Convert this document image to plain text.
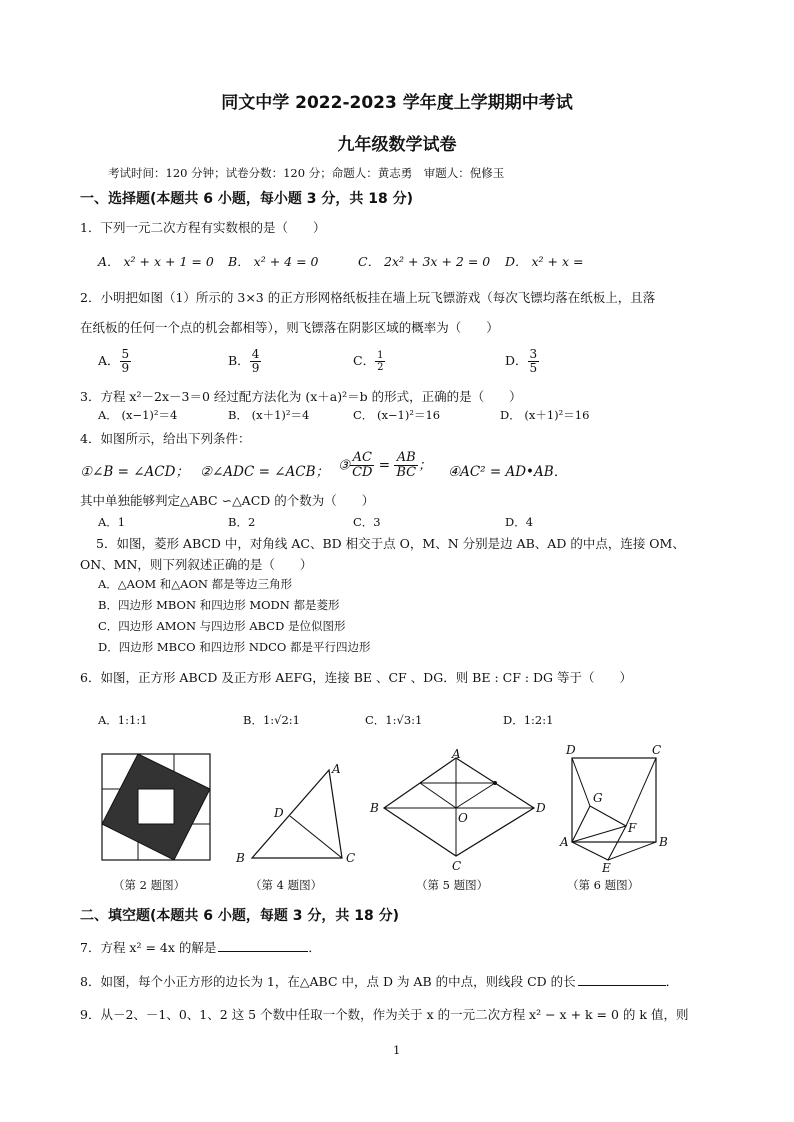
同文中学 2022-2023 学年度上学期期中考试
九年级数学试卷
考试时间：120 分钟；试卷分数：120 分；命题人：黄志勇　审题人：倪修玉
一、选择题(本题共 6 小题，每小题 3 分，共 18 分)
1．下列一元二次方程有实数根的是（　　）
A． x² + x + 1 = 0 B． x² + 4 = 0	C． 2x² + 3x + 2 = 0 D． x² + x =
2．小明把如图（1）所示的 3×3 的正方形网格纸板挂在墙上玩飞镖游戏（每次飞镖均落在纸板上，且落
在纸板的任何一个点的机会都相等），则飞镖落在阴影区域的概率为（　　）
A． $\frac{5}{9}$	B． $\frac{4}{9}$	C． $\frac{1}{2}$	D． $\frac{3}{5}$
3．方程 x²－2x－3＝0 经过配方法化为 (x＋a)²＝b 的形式，正确的是（　　）
A． (x−1)²＝4	B． (x＋1)²＝4	C． (x−1)²＝16	D． (x＋1)²＝16
4．如图所示，给出下列条件：
①∠B = ∠ACD； ②∠ADC = ∠ACB； ③ $\frac{AC}{CD} = \frac{AB}{BC}$ ； ④AC² = AD•AB．
其中单独能够判定△ABC ∽△ACD 的个数为（　　）
A．1	B．2	C．3	D．4
5．如图，菱形 ABCD 中，对角线 AC、BD 相交于点 O，M、N 分别是边 AB、AD 的中点，连接 OM、
ON、MN，则下列叙述正确的是（　　）
A．△AOM 和△AON 都是等边三角形
B．四边形 MBON 和四边形 MODN 都是菱形
C．四边形 AMON 与四边形 ABCD 是位似图形
D．四边形 MBCO 和四边形 NDCO 都是平行四边形
6．如图，正方形 ABCD 及正方形 AEFG，连接 BE 、CF 、DG．则 BE : CF : DG 等于（　　）
A．1:1:1	B．1:√2:1	C．1:√3:1	D．1:2:1
A
B	C
D
A
B
C
D
O
D	C
A	B
E
F
G
（第 2 题图）	（第 4 题图）	（第 5 题图）	（第 6 题图）
二、填空题(本题共 6 小题，每题 3 分，共 18 分)
7．方程 x² = 4x 的解是	．
8．如图，每个小正方形的边长为 1，在△ABC 中，点 D 为 AB 的中点，则线段 CD 的长	．
9．从－2、－1、0、1、2 这 5 个数中任取一个数，作为关于 x 的一元二次方程 x² − x + k = 0 的 k 值，则
1
